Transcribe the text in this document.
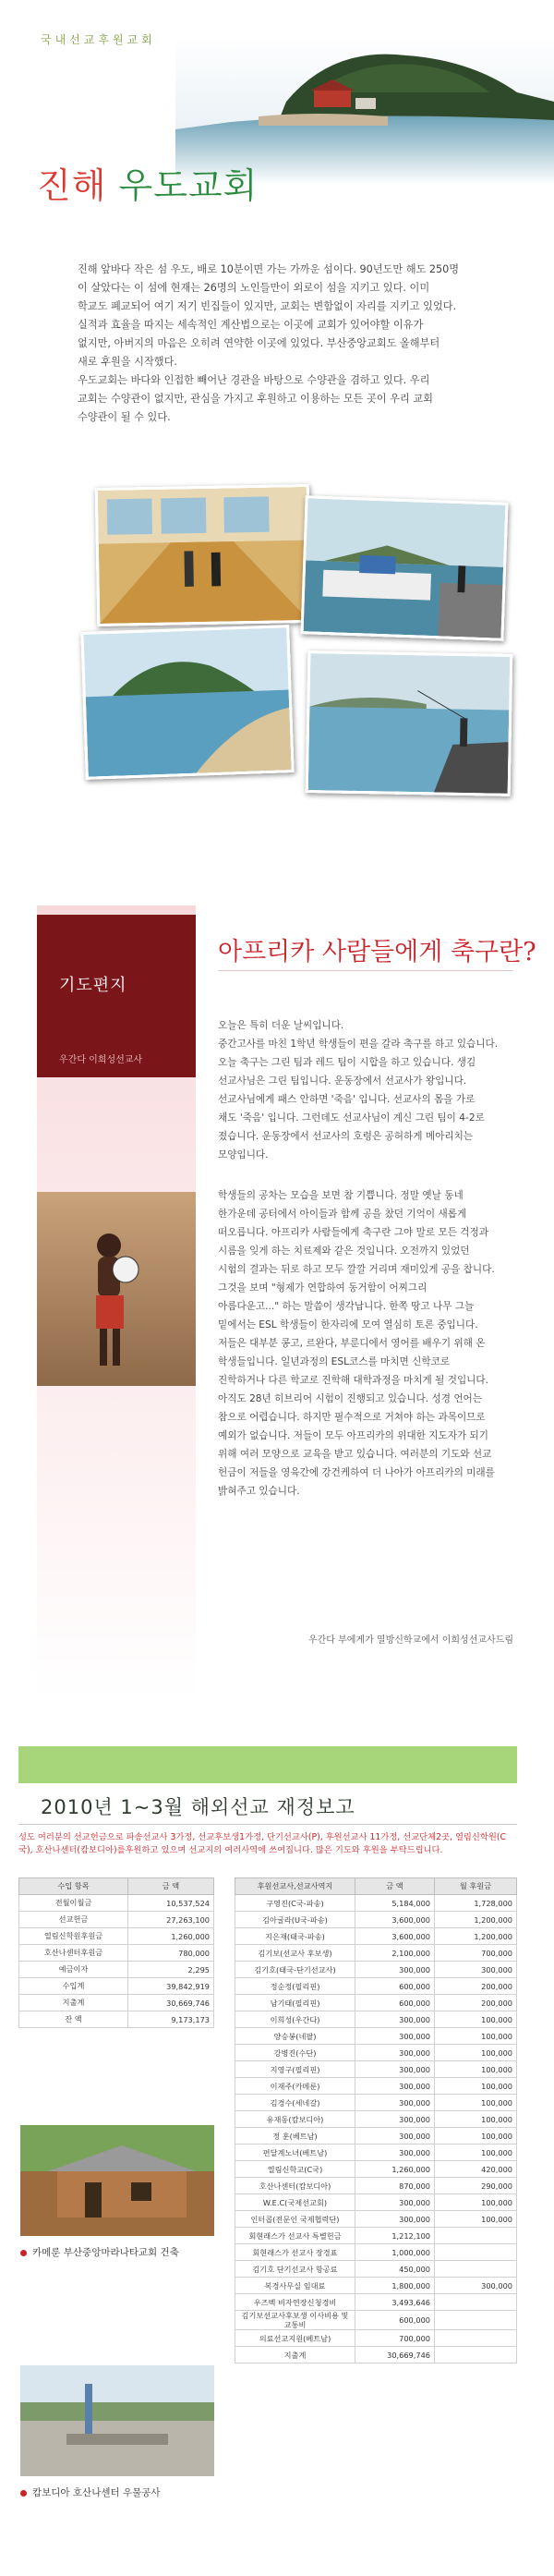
국내선교후원교회
진해 우도교회

진해 앞바다 작은 섬 우도, 배로 10분이면 가는 가까운 섬이다. 90년도만 해도 250명

이 살았다는 이 섬에 현재는 26명의 노인들만이 외로이 섬을 지키고 있다. 이미

학교도 폐교되어 여기 저기 빈집들이 있지만, 교회는 변함없이 자리를 지키고 있었다.

실적과 효율을 따지는 세속적인 계산법으로는 이곳에 교회가 있어야할 이유가

없지만, 아버지의 마음은 오히려 연약한 이곳에 있었다. 부산중앙교회도 올해부터

새로 후원을 시작했다.

우도교회는 바다와 인접한 빼어난 경관을 바탕으로 수양관을 겸하고 있다. 우리

교회는 수양관이 없지만, 관심을 가지고 후원하고 이용하는 모든 곳이 우리 교회

수양관이 될 수 있다.

기도편지
우간다 이희성선교사
아프리카 사람들에게 축구란?

오늘은 특히 더운 날씨입니다.

중간고사를 마친 1학년 학생들이 편을 갈라 축구를 하고 있습니다.

오늘 축구는 그린 팀과 레드 팀이 시합을 하고 있습니다. 생김

선교사님은 그린 팀입니다. 운동장에서 선교사가 왕입니다.

선교사님에게 패스 안하면 '죽음' 입니다. 선교사의 몸을 가로

채도 '죽음' 입니다. 그런데도 선교사님이 계신 그린 팀이 4-2로

졌습니다. 운동장에서 선교사의 호령은 공허하게 메아리치는

모양입니다.

학생들의 공차는 모습을 보면 참 기쁩니다. 정말 옛날 동네

한가운데 공터에서 아이들과 함께 공을 찼던 기억이 새롭게

떠오릅니다. 아프리카 사람들에게 축구란 그야 말로 모든 걱정과

시름을 잊게 하는 치료제와 같은 것입니다. 오전까지 있었던

시험의 결과는 뒤로 하고 모두 깔깔 거리며 재미있게 공을 찹니다.

그것을 보며 "형제가 연합하여 동거함이 어찌그리

아름다운고..." 하는 말씀이 생각납니다. 한쪽 땅고 나무 그늘

밑에서는 ESL 학생들이 한자리에 모여 열심히 토론 중입니다.

저들은 대부분 콩고, 르완다, 부룬디에서 영어를 배우기 위해 온

학생들입니다. 일년과정의 ESL코스를 마치면 신학코로

진학하거나 다른 학교로 진학해 대학과정을 마치게 될 것입니다.

아직도 28년 히브리어 시험이 진행되고 있습니다. 성경 언어는

참으로 어렵습니다. 하지만 필수적으로 거쳐야 하는 과목이므로

예외가 없습니다. 저들이 모두 아프리카의 위대한 지도자가 되기

위해 여러 모양으로 교육을 받고 있습니다. 여러분의 기도와 선교

헌금이 저들을 영육간에 강건케하여 더 나아가 아프리카의 미래를

밝혀주고 있습니다.

우간다 부에게가 열방신학교에서 이희성선교사드림
2010년 1~3월 해외선교 재정보고
성도 여러분의 선교헌금으로 파송선교사 3가정, 선교후보생1가정, 단기선교사(P), 후원선교사 11가정, 선교단체2곳, 열림신학원(C국), 호산나센터(캄보디아)를후원하고 있으며 선교지의 여러사역에 쓰여집니다. 많은 기도와 후원을 부탁드립니다.
수입 항목	금 액
전월이월금	10,537,524
선교헌금	27,263,100
열림신학원후원금	1,260,000
호산나센터후원금	780,000
예금이자	2,295
수입계	39,842,919
지출계	30,669,746
잔 액	9,173,173
후원선교사,선교사역지	금 액	월 후원금
구영진(C국-파송)	5,184,000	1,728,000
김아굴라(U국-파송)	3,600,000	1,200,000
지은재(태국-파송)	3,600,000	1,200,000
김기보(선교사 후보생)	2,100,000	700,000
김기호(태국-단기선교사)	300,000	300,000
정순정(필리핀)	600,000	200,000
남기태(필리핀)	600,000	200,000
이희성(우간다)	300,000	100,000
양승봉(네팔)	300,000	100,000
강병진(수단)	300,000	100,000
지영구(필리핀)	300,000	100,000
이재주(카메룬)	300,000	100,000
김경수(세네갈)	300,000	100,000
유재동(캄보디아)	300,000	100,000
정 훈(베트남)	300,000	100,000
편달계노녀(베트남)	300,000	100,000
열림신학교(C국)	1,260,000	420,000
호산나센터(캄보디아)	870,000	290,000
W.E.C(국제선교회)	300,000	100,000
인터콥(전문인 국제협력단)	300,000	100,000
회현래스가 선교사 특별헌금	1,212,100	
회현래스가 선교사 장경표	1,000,000	
김기호 단기선교사 항공료	450,000	
복경사무실 임대료	1,800,000	300,000
우즈벡 비자연장신청경비	3,493,646	
김기보선교사후보생 이사비용 및 교통비	600,000	
의료선교지원(베트남)	700,000	
지출계	30,669,746	
카메룬 부산중앙마라나타교회 건축
캄보디아 호산나센터 우물공사
